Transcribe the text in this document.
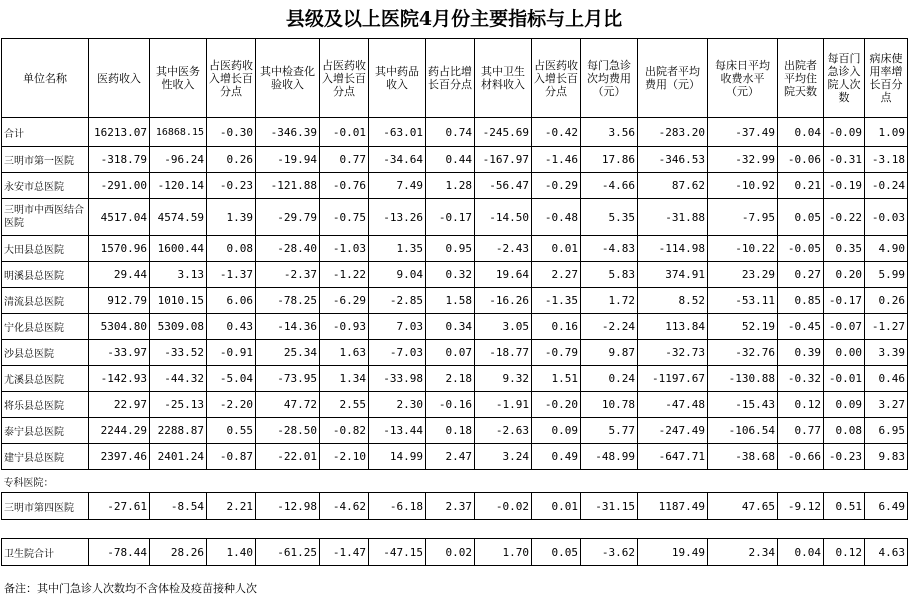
县级及以上医院4月份主要指标与上月比
单位名称	医药收入	其中医务性收入	占医药收入增长百分点	其中检查化验收入	占医药收入增长百分点	其中药品收入	药占比增长百分点	其中卫生材料收入	占医药收入增长百分点	每门急诊次均费用（元）	出院者平均费用（元）	每床日平均收费水平（元）	出院者平均住院天数	每百门急诊入院人次数	病床使用率增长百分点
合计	16213.07	16868.15	-0.30	-346.39	-0.01	-63.01	0.74	-245.69	-0.42	3.56	-283.20	-37.49	0.04	-0.09	1.09
三明市第一医院	-318.79	-96.24	0.26	-19.94	0.77	-34.64	0.44	-167.97	-1.46	17.86	-346.53	-32.99	-0.06	-0.31	-3.18
永安市总医院	-291.00	-120.14	-0.23	-121.88	-0.76	7.49	1.28	-56.47	-0.29	-4.66	87.62	-10.92	0.21	-0.19	-0.24
三明市中西医结合医院	4517.04	4574.59	1.39	-29.79	-0.75	-13.26	-0.17	-14.50	-0.48	5.35	-31.88	-7.95	0.05	-0.22	-0.03
大田县总医院	1570.96	1600.44	0.08	-28.40	-1.03	1.35	0.95	-2.43	0.01	-4.83	-114.98	-10.22	-0.05	0.35	4.90
明溪县总医院	29.44	3.13	-1.37	-2.37	-1.22	9.04	0.32	19.64	2.27	5.83	374.91	23.29	0.27	0.20	5.99
清流县总医院	912.79	1010.15	6.06	-78.25	-6.29	-2.85	1.58	-16.26	-1.35	1.72	8.52	-53.11	0.85	-0.17	0.26
宁化县总医院	5304.80	5309.08	0.43	-14.36	-0.93	7.03	0.34	3.05	0.16	-2.24	113.84	52.19	-0.45	-0.07	-1.27
沙县总医院	-33.97	-33.52	-0.91	25.34	1.63	-7.03	0.07	-18.77	-0.79	9.87	-32.73	-32.76	0.39	0.00	3.39
尤溪县总医院	-142.93	-44.32	-5.04	-73.95	1.34	-33.98	2.18	9.32	1.51	0.24	-1197.67	-130.88	-0.32	-0.01	0.46
将乐县总医院	22.97	-25.13	-2.20	47.72	2.55	2.30	-0.16	-1.91	-0.20	10.78	-47.48	-15.43	0.12	0.09	3.27
泰宁县总医院	2244.29	2288.87	0.55	-28.50	-0.82	-13.44	0.18	-2.63	0.09	5.77	-247.49	-106.54	0.77	0.08	6.95
建宁县总医院	2397.46	2401.24	-0.87	-22.01	-2.10	14.99	2.47	3.24	0.49	-48.99	-647.71	-38.68	-0.66	-0.23	9.83
专科医院：															
三明市第四医院	-27.61	-8.54	2.21	-12.98	-4.62	-6.18	2.37	-0.02	0.01	-31.15	1187.49	47.65	-9.12	0.51	6.49

卫生院合计	-78.44	28.26	1.40	-61.25	-1.47	-47.15	0.02	1.70	0.05	-3.62	19.49	2.34	0.04	0.12	4.63
备注：其中门急诊人次数均不含体检及疫苗接种人次
